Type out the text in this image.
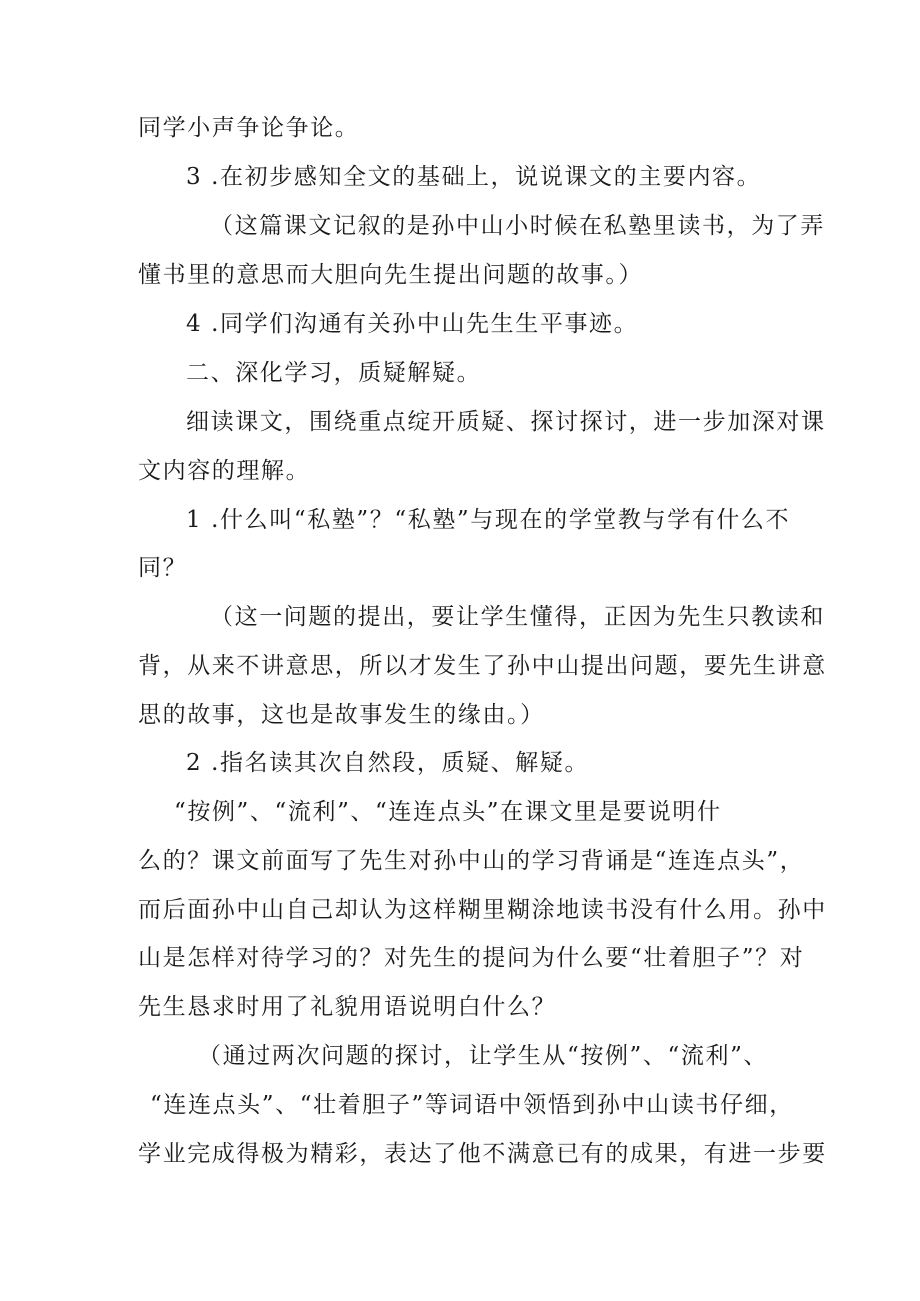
同学小声争论争论。
3 .在初步感知全文的基础上，说说课文的主要内容。
（这篇课文记叙的是孙中山小时候在私塾里读书，为了弄
懂书里的意思而大胆向先生提出问题的故事。）
4 .同学们沟通有关孙中山先生生平事迹。
二、深化学习，质疑解疑。
细读课文，围绕重点绽开质疑、探讨探讨，进一步加深对课
文内容的理解。
1 .什么叫“私塾”？“私塾”与现在的学堂教与学有什么不
同？
（这一问题的提出，要让学生懂得，正因为先生只教读和
背，从来不讲意思，所以才发生了孙中山提出问题，要先生讲意
思的故事，这也是故事发生的缘由。）
2 .指名读其次自然段，质疑、解疑。
“按例”、“流利”、“连连点头”在课文里是要说明什
么的？课文前面写了先生对孙中山的学习背诵是“连连点头”，
而后面孙中山自己却认为这样糊里糊涂地读书没有什么用。孙中
山是怎样对待学习的？对先生的提问为什么要“壮着胆子”？对
先生恳求时用了礼貌用语说明白什么？
（通过两次问题的探讨，让学生从“按例”、“流利”、
“连连点头”、“壮着胆子”等词语中领悟到孙中山读书仔细，
学业完成得极为精彩，表达了他不满意已有的成果，有进一步要
